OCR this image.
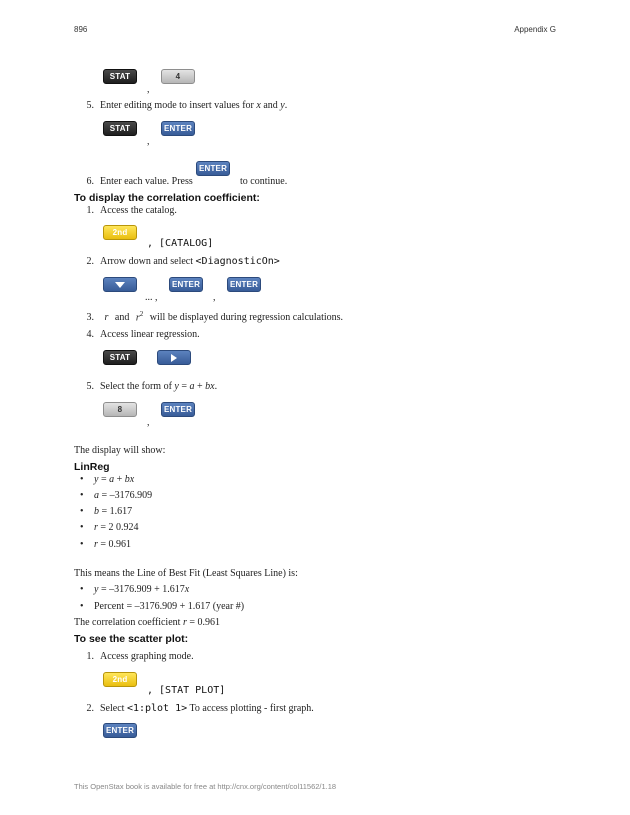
896	Appendix G
STAT	4
,
5. Enter editing mode to insert values for x and y.
STAT	ENTER
,
ENTER
6. Enter each value. Press	to continue.
To display the correlation coefficient:
1. Access the catalog.
2nd
, [CATALOG]
2. Arrow down and select <DiagnosticOn>
ENTER	ENTER
... ,	,
3. r and $r^2$ will be displayed during regression calculations.
4. Access linear regression.
STAT
5. Select the form of y = a + bx.
8	ENTER
,
The display will show:
LinReg
• y = a + bx
• a = –3176.909
• b = 1.617
• r = 2 0.924
• r = 0.961
This means the Line of Best Fit (Least Squares Line) is:
• y = –3176.909 + 1.617x
• Percent = –3176.909 + 1.617 (year #)
The correlation coefficient r = 0.961
To see the scatter plot:
1. Access graphing mode.
2nd
, [STAT PLOT]
2. Select <1:plot 1> To access plotting - first graph.
ENTER
This OpenStax book is available for free at http://cnx.org/content/col11562/1.18
